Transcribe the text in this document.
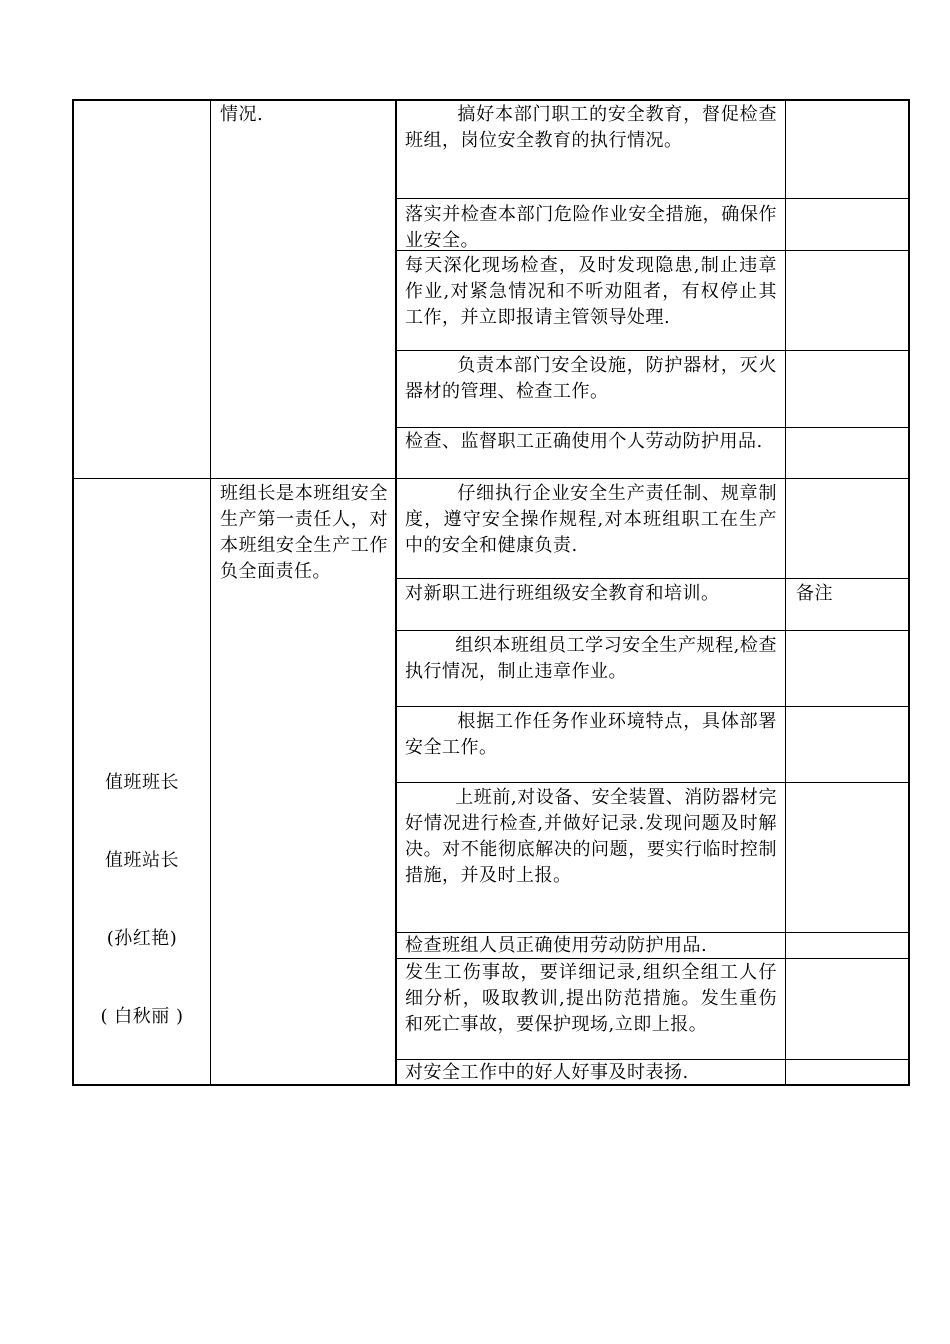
情况.	搞好本部门职工的安全教育，督促检查班组，岗位安全教育的执行情况。
落实并检查本部门危险作业安全措施，确保作业安全。
每天深化现场检查，及时发现隐患,制止违章作业,对紧急情况和不听劝阻者，有权停止其工作，并立即报请主管领导处理.
负责本部门安全设施，防护器材，灭火器材的管理、检查工作。
检查、监督职工正确使用个人劳动防护用品.

值班班长

值班站长

(孙红艳)

( 白秋丽 )

班组长是本班组安全生产第一责任人，对本班组安全生产工作负全面责任。
仔细执行企业安全生产责任制、规章制度，遵守安全操作规程,对本班组职工在生产中的安全和健康负责.
对新职工进行班组级安全教育和培训。	备注
组织本班组员工学习安全生产规程,检查执行情况，制止违章作业。
根据工作任务作业环境特点，具体部署安全工作。
上班前,对设备、安全装置、消防器材完好情况进行检查,并做好记录.发现问题及时解决。对不能彻底解决的问题，要实行临时控制措施，并及时上报。
检查班组人员正确使用劳动防护用品.
发生工伤事故，要详细记录,组织全组工人仔细分析，吸取教训,提出防范措施。发生重伤和死亡事故，要保护现场,立即上报。
对安全工作中的好人好事及时表扬.
